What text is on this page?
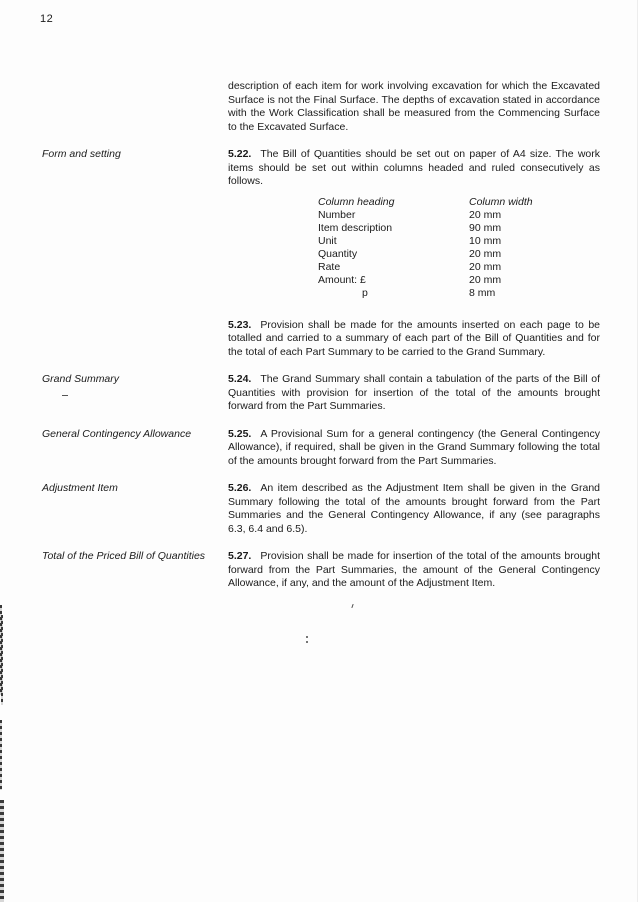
12

description of each item for work involving excavation for which the Excavated Surface is not the Final Surface. The depths of excavation stated in accordance with the Work Classification shall be measured from the Commencing Surface to the Excavated Surface.

Form and setting	5.22. The Bill of Quantities should be set out on paper of A4 size. The work items should be set out within columns headed and ruled consecutively as follows.

Column heading	Column width
Number	20 mm
Item description	90 mm
Unit	10 mm
Quantity	20 mm
Rate	20 mm
Amount: £	20 mm
p	8 mm

5.23. Provision shall be made for the amounts inserted on each page to be totalled and carried to a summary of each part of the Bill of Quantities and for the total of each Part Summary to be carried to the Grand Summary.

Grand Summary	5.24. The Grand Summary shall contain a tabulation of the parts of the Bill of Quantities with provision for insertion of the total of the amounts brought forward from the Part Summaries.

General Contingency Allowance	5.25. A Provisional Sum for a general contingency (the General Contingency Allowance), if required, shall be given in the Grand Summary following the total of the amounts brought forward from the Part Summaries.

Adjustment Item	5.26. An item described as the Adjustment Item shall be given in the Grand Summary following the total of the amounts brought forward from the Part Summaries and the General Contingency Allowance, if any (see paragraphs 6.3, 6.4 and 6.5).

Total of the Priced Bill of Quantities	5.27. Provision shall be made for insertion of the total of the amounts brought forward from the Part Summaries, the amount of the General Contingency Allowance, if any, and the amount of the Adjustment Item.
